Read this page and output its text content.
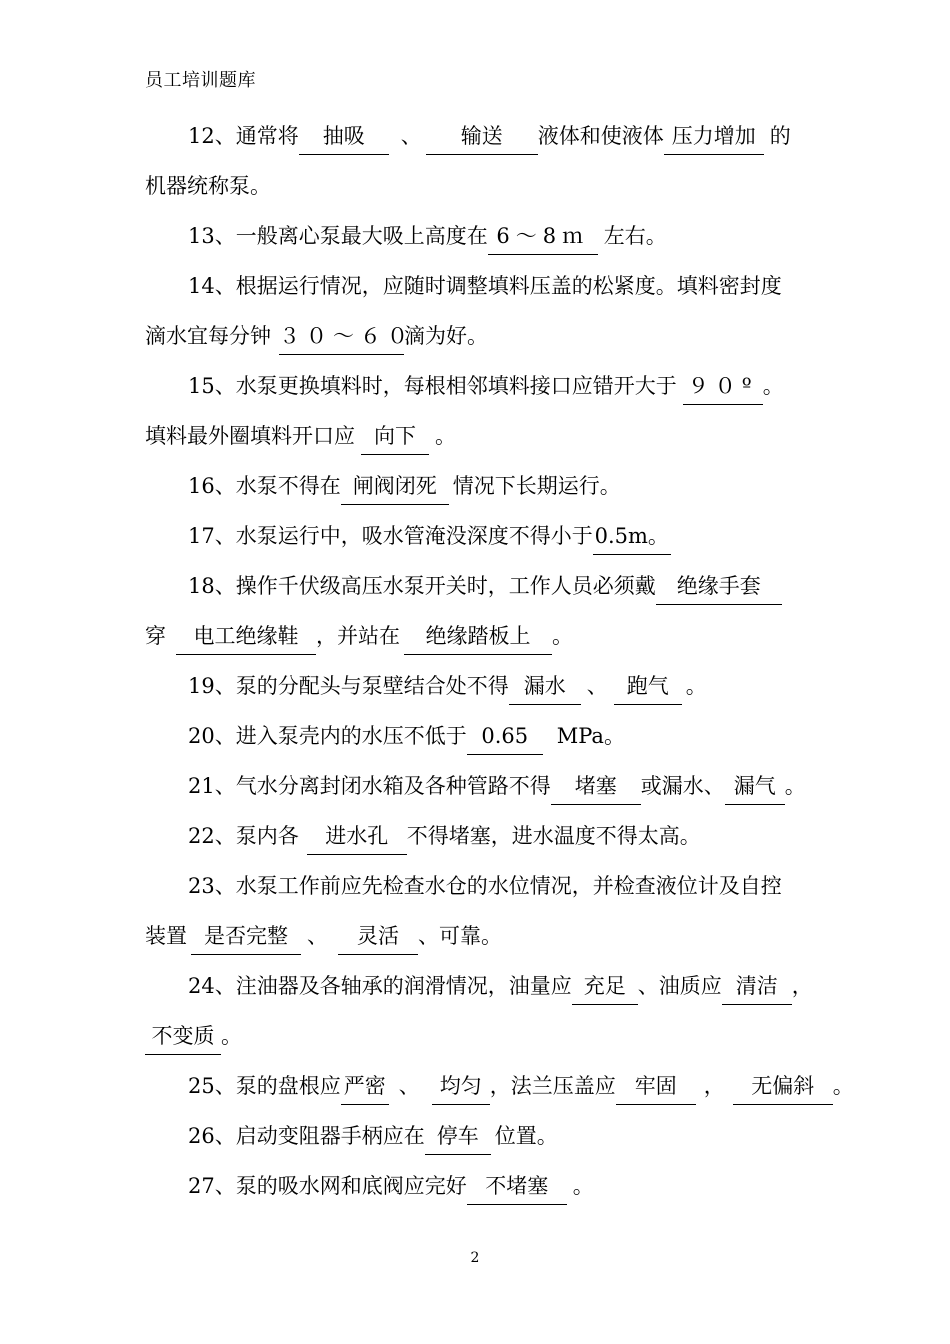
员工培训题库
12、通常将 抽吸 、 输送 液体和使液体 压力增加 的
机器统称泵。
13、一般离心泵最大吸上高度在 6～8ｍ 左右。
14、根据运行情况，应随时调整填料压盖的松紧度。填料密封度
滴水宜每分钟 ３０～６０滴为好。
15、水泵更换填料时，每根相邻填料接口应错开大于 ９０º 。
填料最外圈填料开口应 向下 。
16、水泵不得在 闸阀闭死 情况下长期运行。
17、水泵运行中，吸水管淹没深度不得小于0.5m。
18、操作千伏级高压水泵开关时，工作人员必须戴 绝缘手套
穿 电工绝缘鞋 ，并站在 绝缘踏板上 。
19、泵的分配头与泵壁结合处不得 漏水 、 跑气 。
20、进入泵壳内的水压不低于 0.65 MPa。
21、气水分离封闭水箱及各种管路不得 堵塞 或漏水、 漏气 。
22、泵内各 进水孔 不得堵塞，进水温度不得太高。
23、水泵工作前应先检查水仓的水位情况，并检查液位计及自控
装置 是否完整 、 灵活 、可靠。
24、注油器及各轴承的润滑情况，油量应 充足 、油质应 清洁 ，
不变质 。
25、泵的盘根应 严密 、 均匀 ，法兰压盖应 牢固 ， 无偏斜 。
26、启动变阻器手柄应在 停车 位置。
27、泵的吸水网和底阀应完好 不堵塞 。
2
